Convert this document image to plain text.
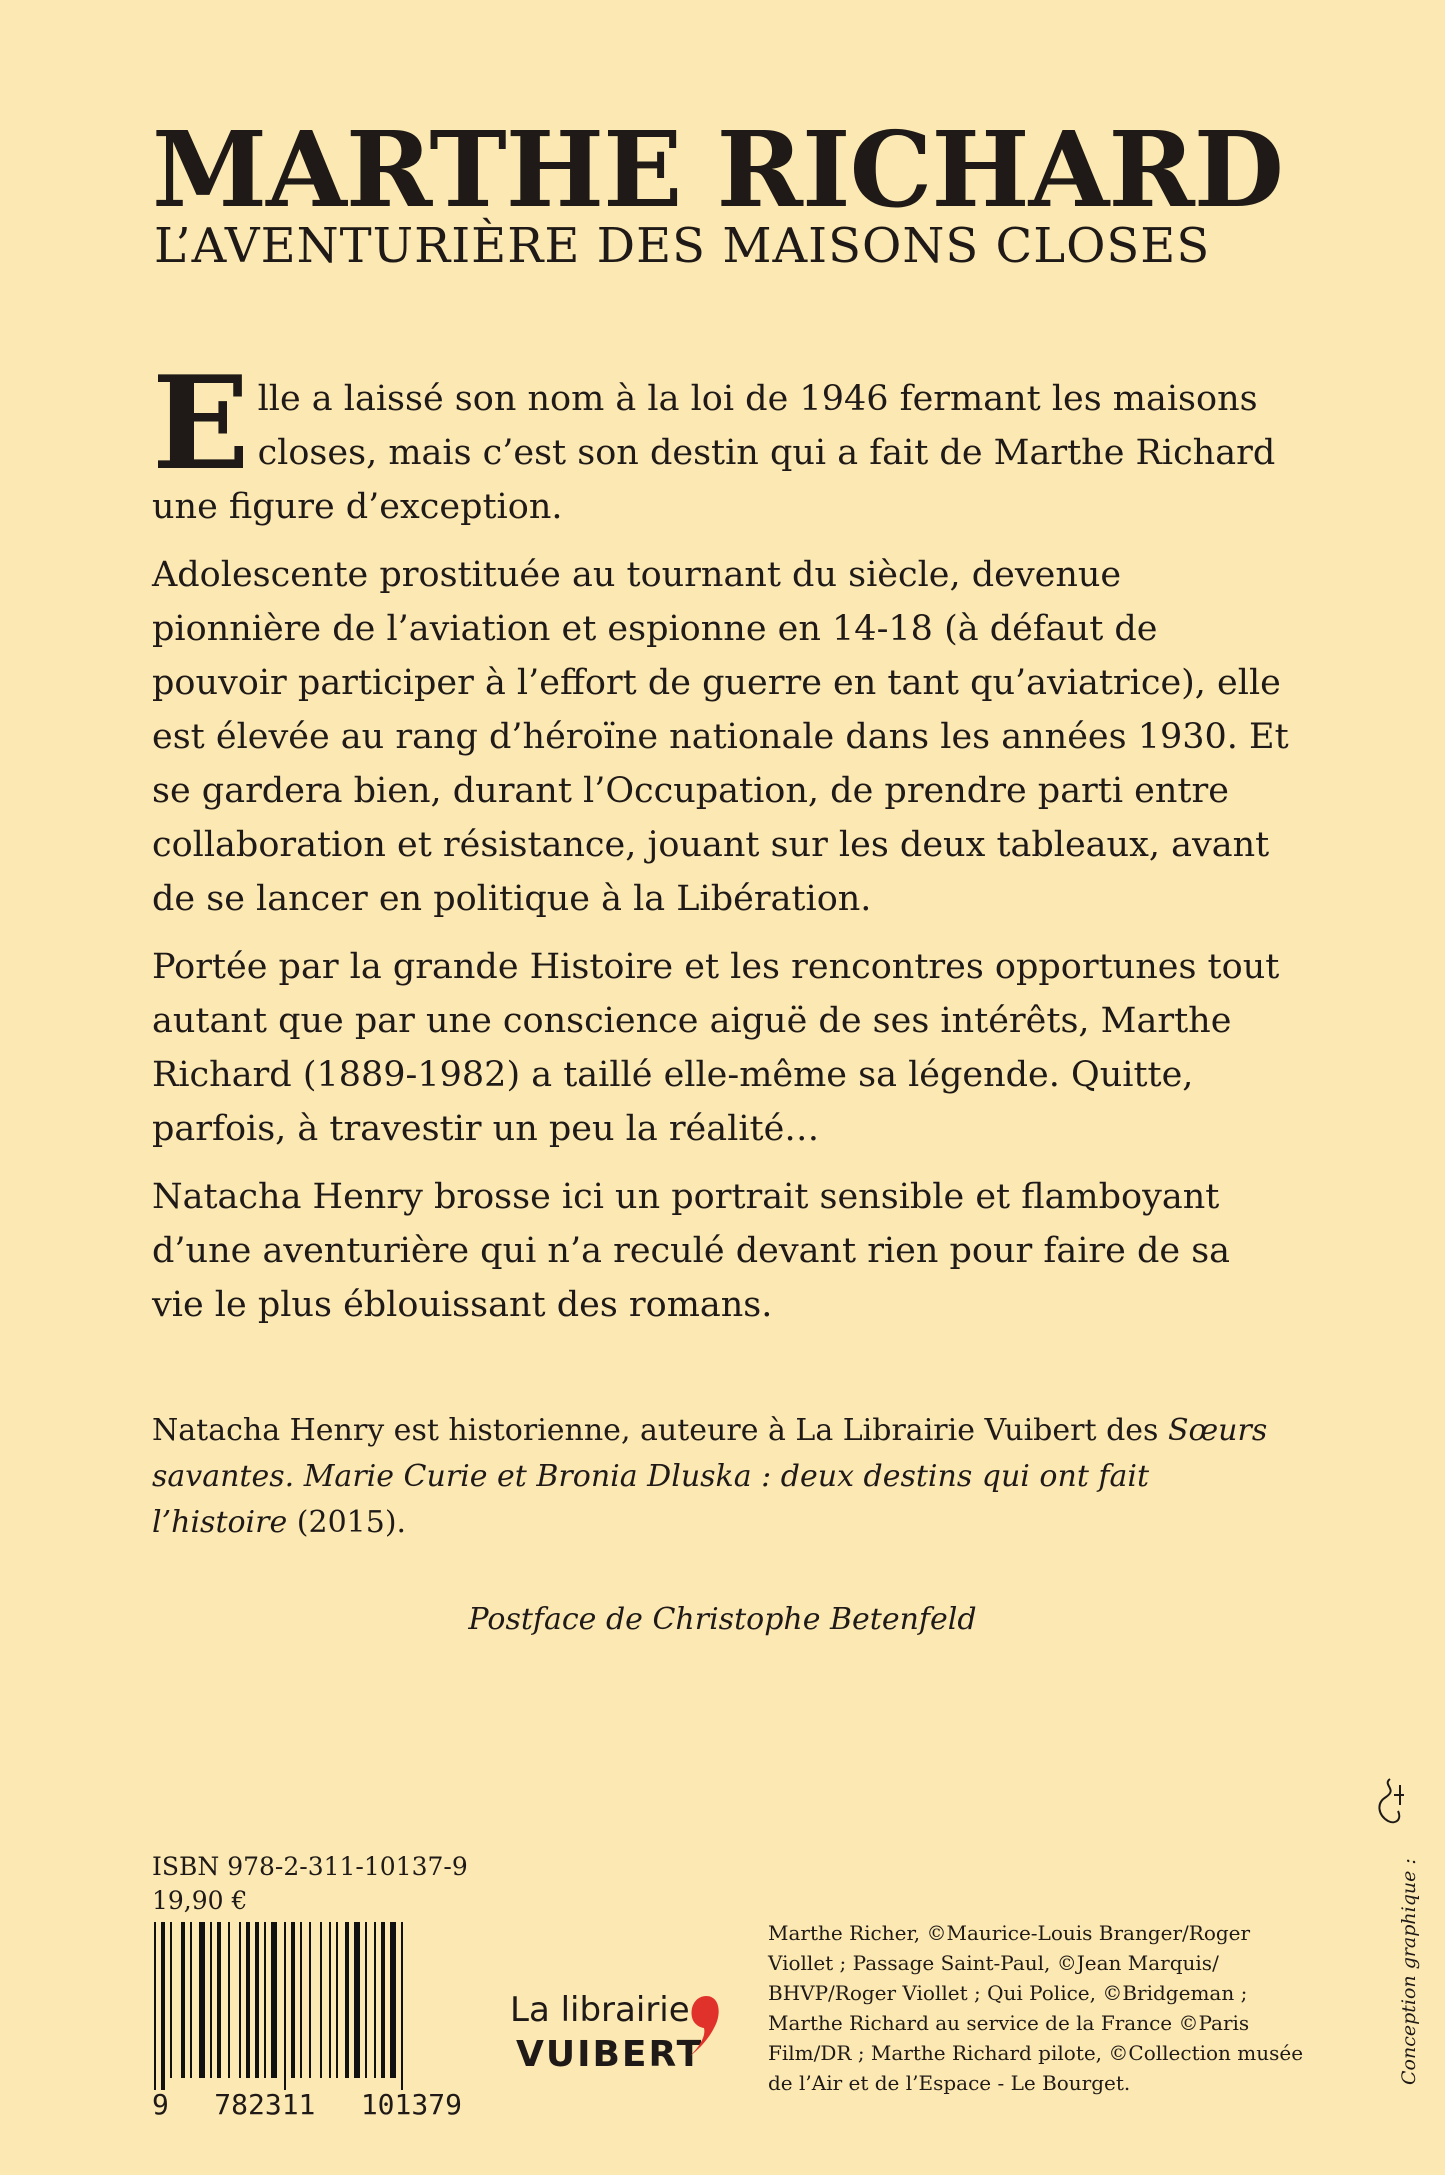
MARTHE RICHARD
L’AVENTURIÈRE DES MAISONS CLOSES

Elle a laissé son nom à la loi de 1946 fermant les maisons closes, mais c’est son destin qui a fait de Marthe Richard une figure d’exception.

Adolescente prostituée au tournant du siècle, devenue pionnière de l’aviation et espionne en 14-18 (à défaut de pouvoir participer à l’effort de guerre en tant qu’aviatrice), elle est élevée au rang d’héroïne nationale dans les années 1930. Et se gardera bien, durant l’Occupation, de prendre parti entre collaboration et résistance, jouant sur les deux tableaux, avant de se lancer en politique à la Libération.

Portée par la grande Histoire et les rencontres opportunes tout autant que par une conscience aiguë de ses intérêts, Marthe Richard (1889-1982) a taillé elle-même sa légende. Quitte, parfois, à travestir un peu la réalité…

Natacha Henry brosse ici un portrait sensible et flamboyant d’une aventurière qui n’a reculé devant rien pour faire de sa vie le plus éblouissant des romans.

Natacha Henry est historienne, auteure à La Librairie Vuibert des Sœurs savantes. Marie Curie et Bronia Dluska : deux destins qui ont fait l’histoire (2015).
Postface de Christophe Betenfeld
ISBN 978-2-311-10137-9
19,90 €
9 782311 101379
La librairie
VUIBERT
Marthe Richer, ©Maurice-Louis Branger/Roger Viollet ; Passage Saint-Paul, ©Jean Marquis/ BHVP/Roger Viollet ; Qui Police, ©Bridgeman ; Marthe Richard au service de la France ©Paris Film/DR ; Marthe Richard pilote, ©Collection musée de l’Air et de l’Espace - Le Bourget.	Conception graphique :
